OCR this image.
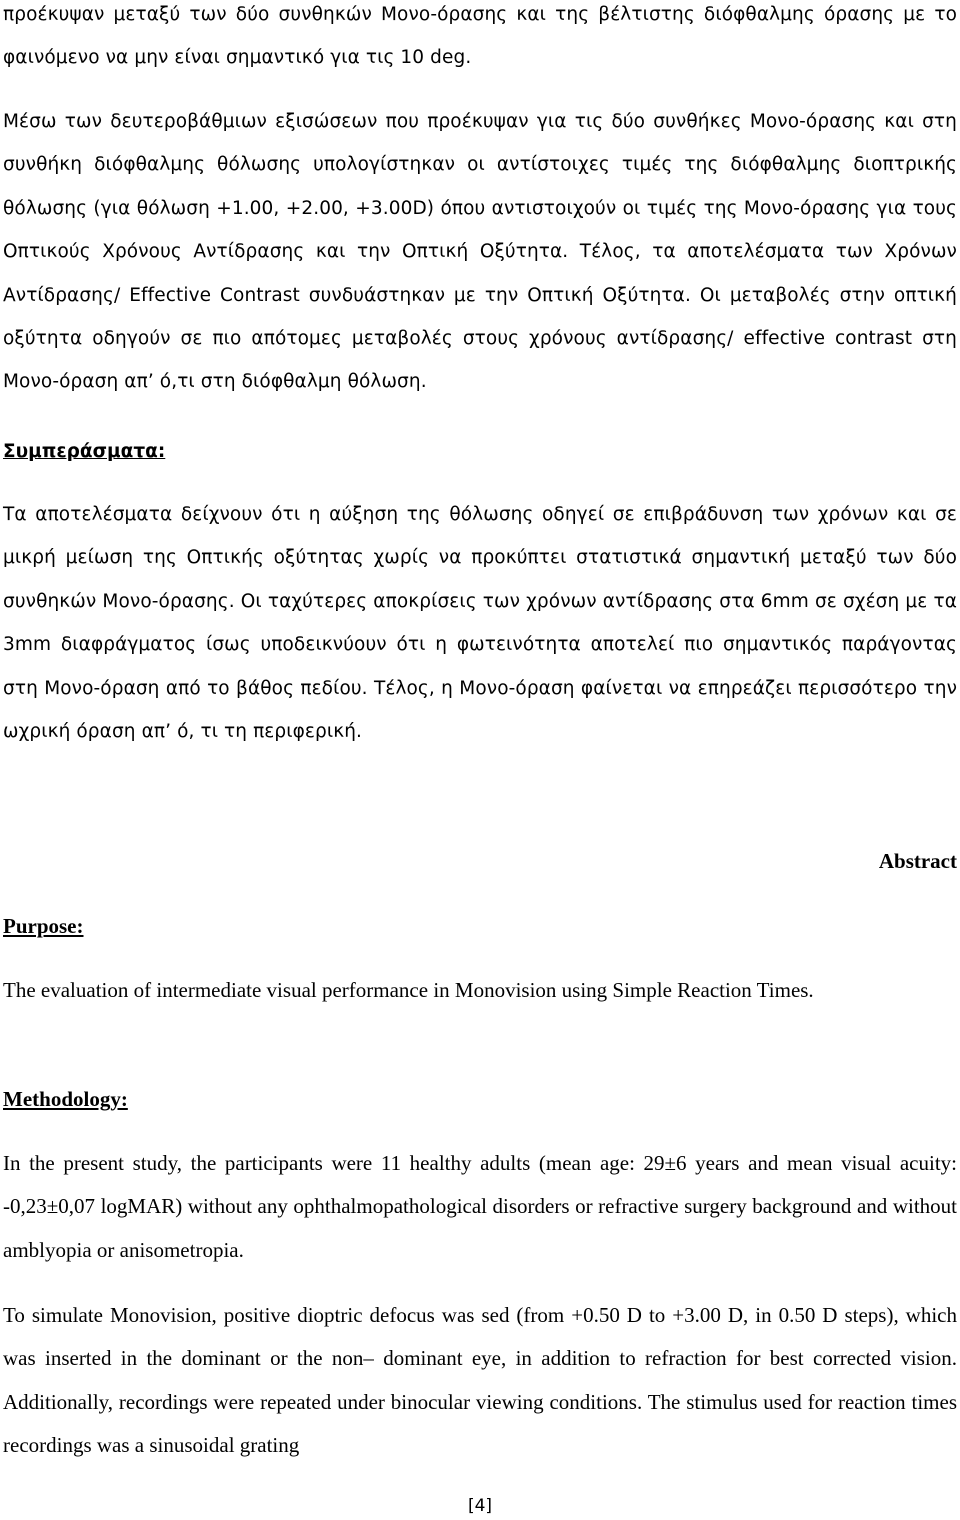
προέκυψαν μεταξύ των δύο συνθηκών Μονο-όρασης και της βέλτιστης διόφθαλμης όρασης με το φαινόμενο να μην είναι σημαντικό για τις 10 deg.

Μέσω των δευτεροβάθμιων εξισώσεων που προέκυψαν για τις δύο συνθήκες Μονο-όρασης και στη συνθήκη διόφθαλμης θόλωσης υπολογίστηκαν οι αντίστοιχες τιμές της διόφθαλμης διοπτρικής θόλωσης (για θόλωση +1.00, +2.00, +3.00D) όπου αντιστοιχούν οι τιμές της Μονο-όρασης για τους Οπτικούς Χρόνους Αντίδρασης και την Οπτική Οξύτητα. Τέλος, τα αποτελέσματα των Χρόνων Αντίδρασης/ Effective Contrast συνδυάστηκαν με την Οπτική Οξύτητα. Οι μεταβολές στην οπτική οξύτητα οδηγούν σε πιο απότομες μεταβολές στους χρόνους αντίδρασης/ effective contrast στη Μονο-όραση απ’ ό,τι στη διόφθαλμη θόλωση.

Συμπεράσματα:

Τα αποτελέσματα δείχνουν ότι η αύξηση της θόλωσης οδηγεί σε επιβράδυνση των χρόνων και σε μικρή μείωση της Οπτικής οξύτητας χωρίς να προκύπτει στατιστικά σημαντική μεταξύ των δύο συνθηκών Μονο-όρασης. Οι ταχύτερες αποκρίσεις των χρόνων αντίδρασης στα 6mm σε σχέση με τα 3mm διαφράγματος ίσως υποδεικνύουν ότι η φωτεινότητα αποτελεί πιο σημαντικός παράγοντας στη Μονο-όραση από το βάθος πεδίου. Τέλος, η Μονο-όραση φαίνεται να επηρεάζει περισσότερο την ωχρική όραση απ’ ό, τι τη περιφερική.

Abstract

Purpose:

The evaluation of intermediate visual performance in Monovision using Simple Reaction Times.

Methodology:

In the present study, the participants were 11 healthy adults (mean age: 29±6 years and mean visual acuity: -0,23±0,07 logMAR) without any ophthalmopathological disorders or refractive surgery background and without amblyopia or anisometropia.

To simulate Monovision, positive dioptric defocus was sed (from +0.50 D to +3.00 D, in 0.50 D steps), which was inserted in the dominant or the non– dominant eye, in addition to refraction for best corrected vision. Additionally, recordings were repeated under binocular viewing conditions. The stimulus used for reaction times recordings was a sinusoidal grating

[4]
